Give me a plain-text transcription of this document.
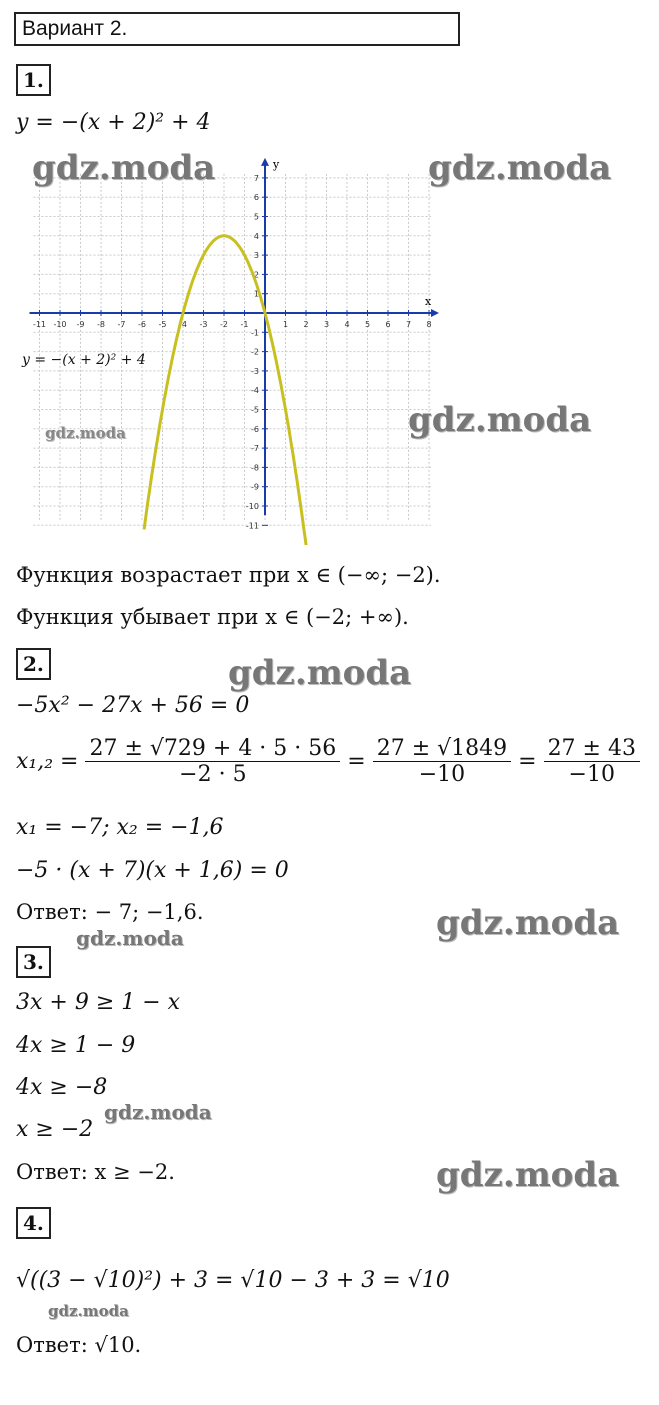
Вариант 2.
1.
y = −(x + 2)² + 4
-11 -10 -9 -8 -7 -6 -5 -4 -3 -2 -1	1 2 3 4 5 6 7 8
7
6
5
4
3
2
1
-1
-2
-3
-4
-5
-6
-7
-8
-9
-10
-11
x
y
y = −(x + 2)² + 4
Функция возрастает при x ∈ (−∞; −2).
Функция убывает при x ∈ (−2; +∞).
2.
−5x² − 27x + 56 = 0
$x_1,_2 = \frac{27 \pm √729 + 4 \cdot 5 \cdot 56}{-2 \cdot 5} = \frac{27 \pm √1849}{-10} = \frac{27 \pm 43}{-10}$
x₁ = −7; x₂ = −1,6
−5 · (x + 7)(x + 1,6) = 0
Ответ: − 7; −1,6.
3.
3x + 9 ≥ 1 − x
4x ≥ 1 − 9
4x ≥ −8
x ≥ −2
Ответ: x ≥ −2.
4.
√((3 − √10)²) + 3 = √10 − 3 + 3 = √10
Ответ: √10.
gdz.moda	gdz.moda
gdz.moda	gdz.moda
gdz.moda
gdz.moda
gdz.moda
gdz.moda
gdz.moda
gdz.moda
